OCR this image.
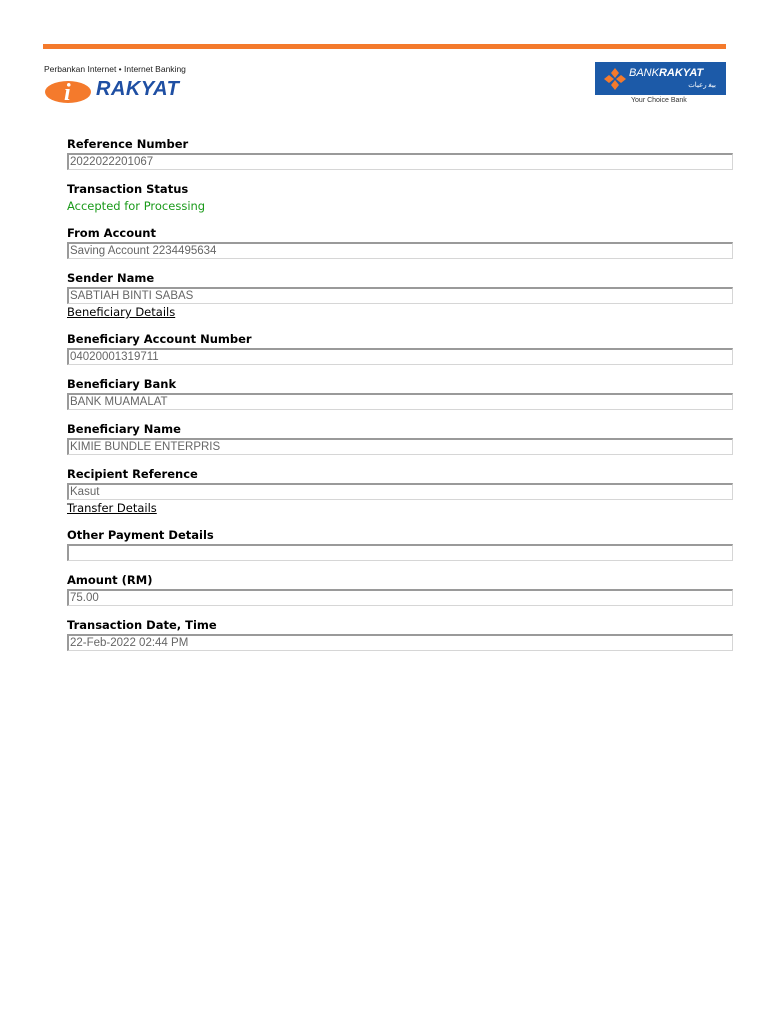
Perbankan Internet • Internet Banking
i RAKYAT
BANKRAKYAT
ﺑﯿﻐ ﺭﻋﻴﺎﺕ
Your Choice Bank
Reference Number
2022022201067
Transaction Status
Accepted for Processing
From Account
Saving Account 2234495634
Sender Name
SABTIAH BINTI SABAS
Beneficiary Details
Beneficiary Account Number
04020001319711
Beneficiary Bank
BANK MUAMALAT
Beneficiary Name
KIMIE BUNDLE ENTERPRIS
Recipient Reference
Kasut
Transfer Details
Other Payment Details
Amount (RM)
75.00
Transaction Date, Time
22-Feb-2022 02:44 PM
